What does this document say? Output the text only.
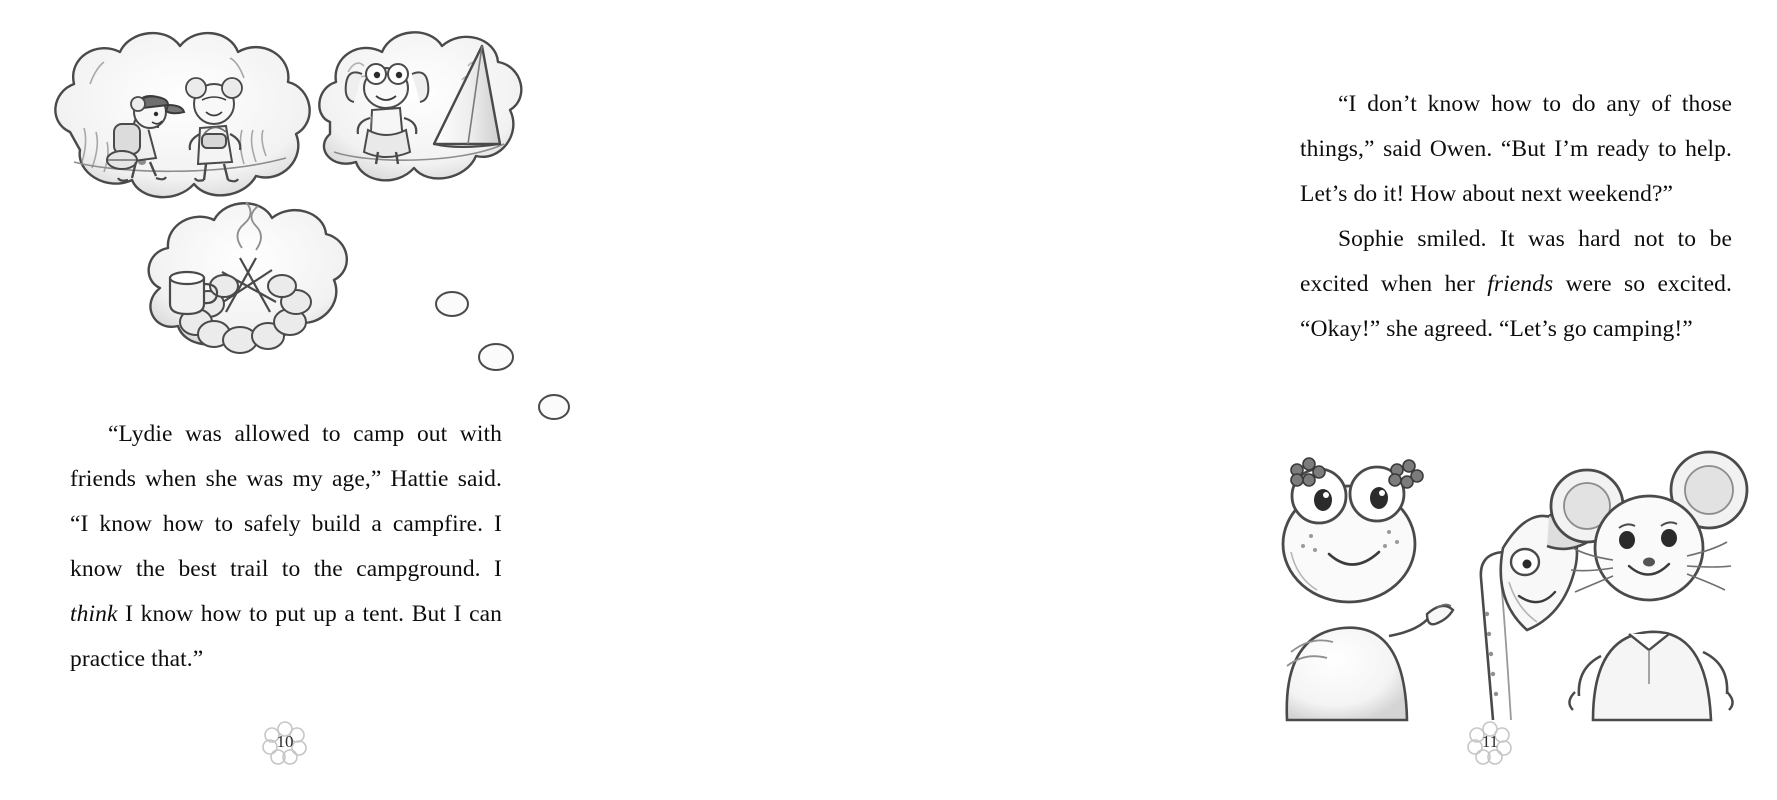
“Lydie was allowed to camp out with friends when she was my age,” Hattie said. “I know how to safely build a campfire. I know the best trail to the campground. I think I know how to put up a tent. But I can practice that.”

10

“I don’t know how to do any of those things,” said Owen. “But I’m ready to help. Let’s do it! How about next weekend?”

Sophie smiled. It was hard not to be excited when her friends were so excited. “Okay!” she agreed. “Let’s go camping!”

11
